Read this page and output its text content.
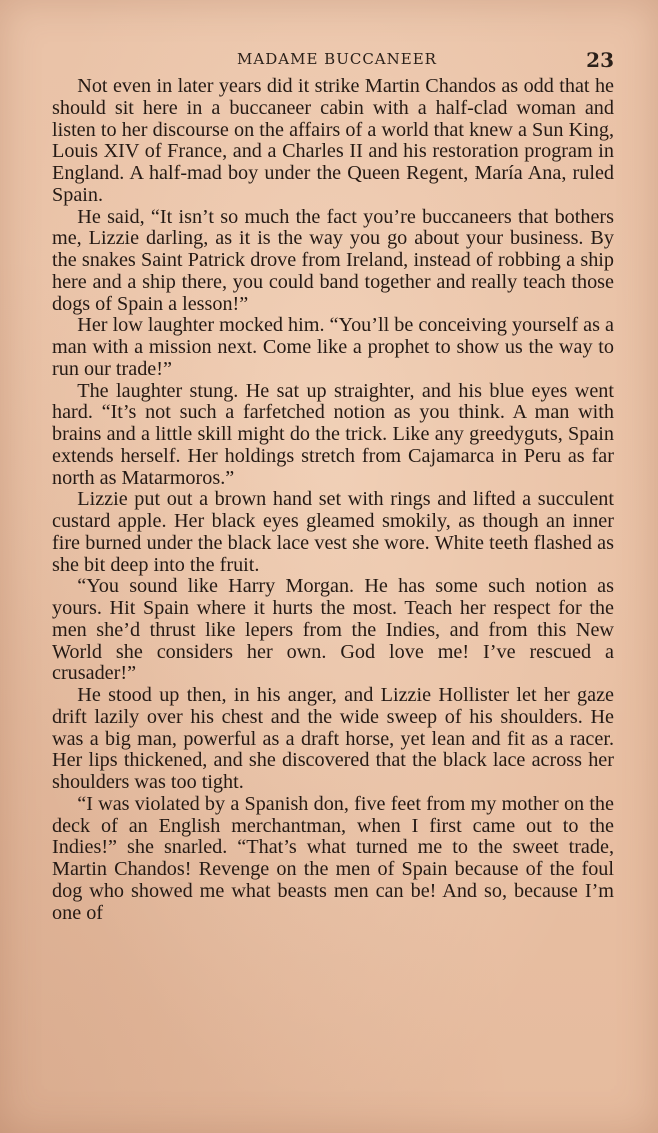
MADAME BUCCANEER	23

Not even in later years did it strike Martin Chandos as odd that he should sit here in a buccaneer cabin with a half-clad woman and listen to her discourse on the affairs of a world that knew a Sun King, Louis XIV of France, and a Charles II and his restoration program in England. A half-mad boy under the Queen Regent, María Ana, ruled Spain.

He said, “It isn’t so much the fact you’re buccaneers that bothers me, Lizzie darling, as it is the way you go about your business. By the snakes Saint Patrick drove from Ireland, instead of robbing a ship here and a ship there, you could band together and really teach those dogs of Spain a lesson!”

Her low laughter mocked him. “You’ll be conceiving yourself as a man with a mission next. Come like a prophet to show us the way to run our trade!”

The laughter stung. He sat up straighter, and his blue eyes went hard. “It’s not such a farfetched notion as you think. A man with brains and a little skill might do the trick. Like any greedyguts, Spain extends herself. Her holdings stretch from Cajamarca in Peru as far north as Matarmoros.”

Lizzie put out a brown hand set with rings and lifted a succulent custard apple. Her black eyes gleamed smokily, as though an inner fire burned under the black lace vest she wore. White teeth flashed as she bit deep into the fruit.

“You sound like Harry Morgan. He has some such notion as yours. Hit Spain where it hurts the most. Teach her respect for the men she’d thrust like lepers from the Indies, and from this New World she considers her own. God love me! I’ve rescued a crusader!”

He stood up then, in his anger, and Lizzie Hollister let her gaze drift lazily over his chest and the wide sweep of his shoulders. He was a big man, powerful as a draft horse, yet lean and fit as a racer. Her lips thickened, and she discovered that the black lace across her shoulders was too tight.

“I was violated by a Spanish don, five feet from my mother on the deck of an English merchantman, when I first came out to the Indies!” she snarled. “That’s what turned me to the sweet trade, Martin Chandos! Revenge on the men of Spain because of the foul dog who showed me what beasts men can be! And so, because I’m one of
